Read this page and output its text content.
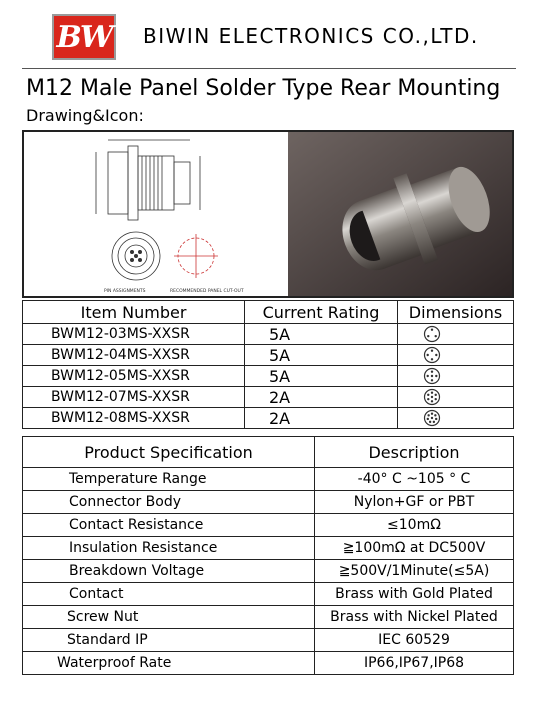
BW BIWIN ELECTRONICS CO.,LTD.
M12 Male Panel Solder Type Rear Mounting
Drawing&Icon:
PIN ASSIGNMENTS	RECOMMENDED PANEL CUT-OUT
Item Number	Current Rating	Dimensions
BWM12-03MS-XXSR	5A	
BWM12-04MS-XXSR	5A	
BWM12-05MS-XXSR	5A	
BWM12-07MS-XXSR	2A	
BWM12-08MS-XXSR	2A	
Product Specification	Description
Temperature Range	-40° C ~105 ° C
Connector Body	Nylon+GF or PBT
Contact Resistance	≤10mΩ
Insulation Resistance	≧100mΩ at DC500V
Breakdown Voltage	≧500V/1Minute(≤5A)
Contact	Brass with Gold Plated
Screw Nut	Brass with Nickel Plated
Standard IP	IEC 60529
Waterproof Rate	IP66,IP67,IP68
